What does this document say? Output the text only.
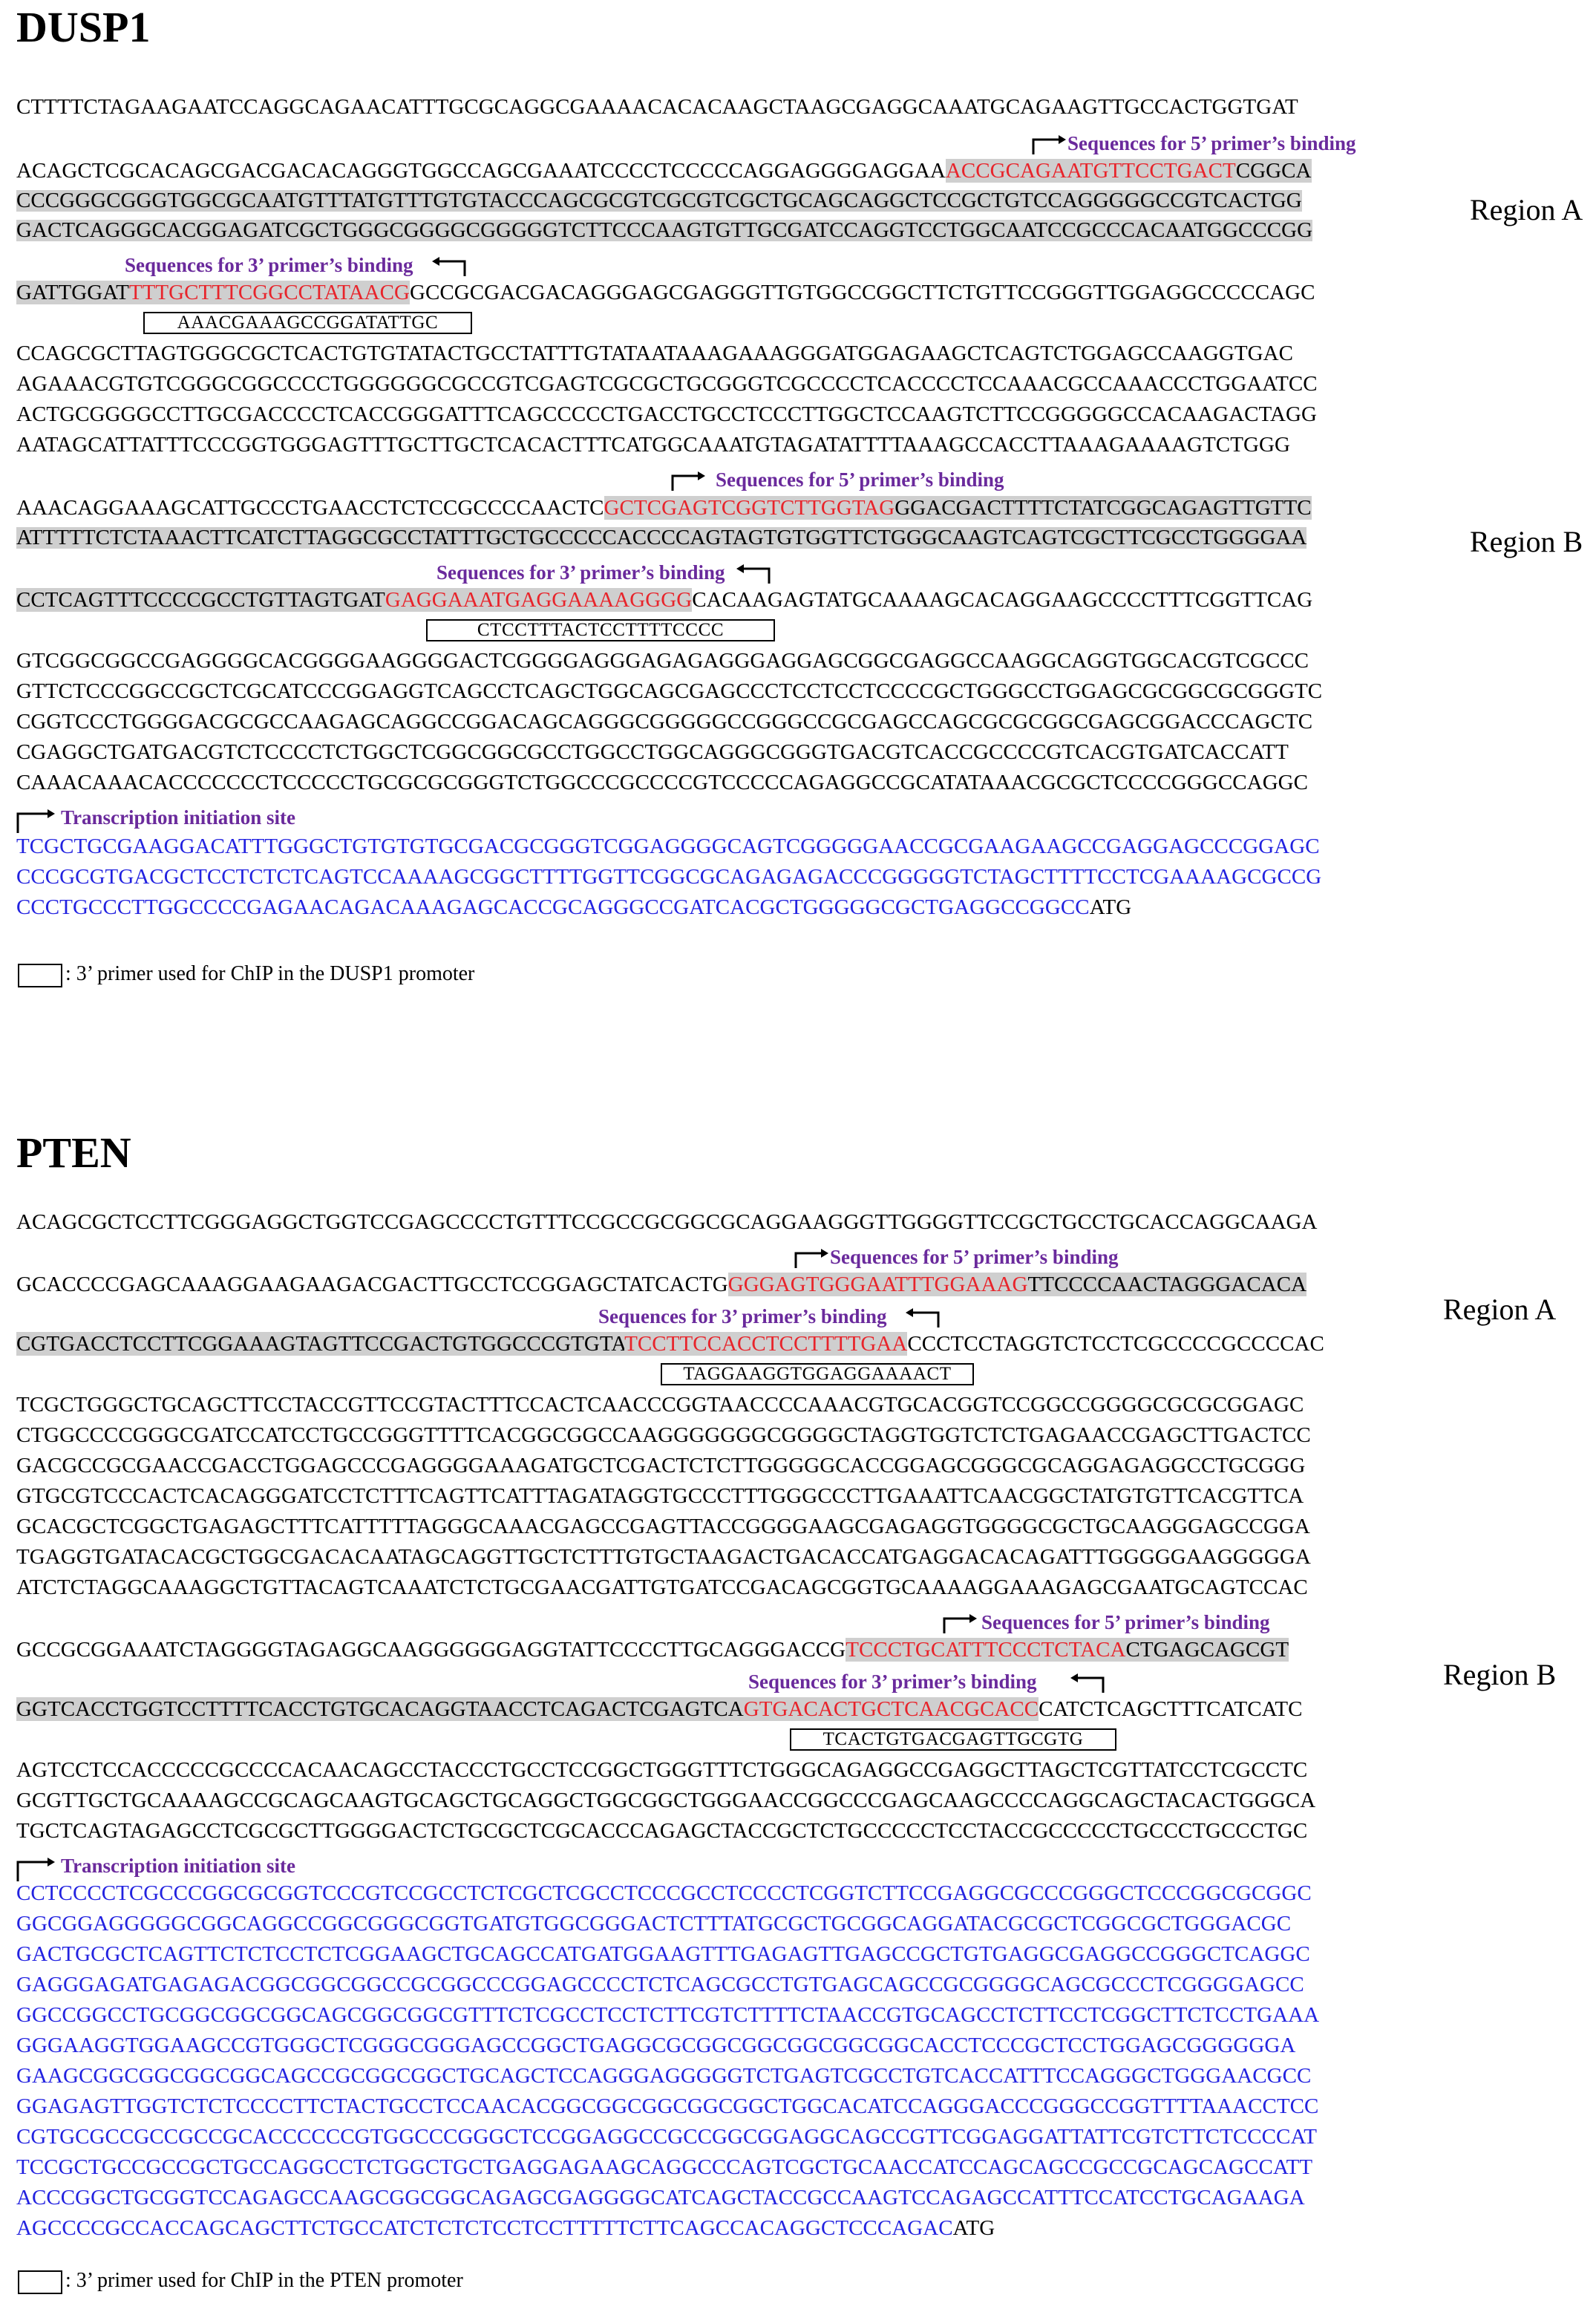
DUSP1
CTTTTCTAGAAGAATCCAGGCAGAACATTTGCGCAGGCGAAAACACACAAGCTAAGCGAGGCAAATGCAGAAGTTGCCACTGGTGAT
Sequences for 5’ primer’s binding
ACAGCTCGCACAGCGACGACACAGGGTGGCCAGCGAAATCCCCTCCCCCAGGAGGGGAGGAAACCGCAGAATGTTCCTGACTCGGCA
CCCGGGCGGGTGGCGCAATGTTTATGTTTGTGTACCCAGCGCGTCGCGTCGCTGCAGCAGGCTCCGCTGTCCAGGGGGCCGTCACTGG
GACTCAGGGCACGGAGATCGCTGGGCGGGGCGGGGGTCTTCCCAAGTGTTGCGATCCAGGTCCTGGCAATCCGCCCACAATGGCCCGG
Region A
Sequences for 3’ primer’s binding
GATTGGATTTTGCTTTCGGCCTATAACGGCCGCGACGACAGGGAGCGAGGGTTGTGGCCGGCTTCTGTTCCGGGTTGGAGGCCCCCAGC
AAACGAAAGCCGGATATTGC
CCAGCGCTTAGTGGGCGCTCACTGTGTATACTGCCTATTTGTATAATAAAGAAAGGGATGGAGAAGCTCAGTCTGGAGCCAAGGTGAC
AGAAACGTGTCGGGCGGCCCCTGGGGGGCGCCGTCGAGTCGCGCTGCGGGTCGCCCCTCACCCCTCCAAACGCCAAACCCTGGAATCC
ACTGCGGGGCCTTGCGACCCCTCACCGGGATTTCAGCCCCCTGACCTGCCTCCCTTGGCTCCAAGTCTTCCGGGGGCCACAAGACTAGG
AATAGCATTATTTCCCGGTGGGAGTTTGCTTGCTCACACTTTCATGGCAAATGTAGATATTTTAAAGCCACCTTAAAGAAAAGTCTGGG
Sequences for 5’ primer’s binding
AAACAGGAAAGCATTGCCCTGAACCTCTCCGCCCCAACTCGCTCGAGTCGGTCTTGGTAGGGACGACTTTTCTATCGGCAGAGTTGTTC
ATTTTTCTCTAAACTTCATCTTAGGCGCCTATTTGCTGCCCCCACCCCAGTAGTGTGGTTCTGGGCAAGTCAGTCGCTTCGCCTGGGGAA	Region B
Sequences for 3’ primer’s binding
CCTCAGTTTCCCCGCCTGTTAGTGATGAGGAAATGAGGAAAAGGGGCACAAGAGTATGCAAAAGCACAGGAAGCCCCTTTCGGTTCAG
CTCCTTTACTCCTTTTCCCC
GTCGGCGGCCGAGGGGCACGGGGAAGGGGACTCGGGGAGGGAGAGAGGGAGGAGCGGCGAGGCCAAGGCAGGTGGCACGTCGCCC
GTTCTCCCGGCCGCTCGCATCCCGGAGGTCAGCCTCAGCTGGCAGCGAGCCCTCCTCCTCCCCGCTGGGCCTGGAGCGCGGCGCGGGTC
CGGTCCCTGGGGACGCGCCAAGAGCAGGCCGGACAGCAGGGCGGGGGCCGGGCCGCGAGCCAGCGCGCGGCGAGCGGACCCAGCTC
CGAGGCTGATGACGTCTCCCCTCTGGCTCGGCGGCGCCTGGCCTGGCAGGGCGGGTGACGTCACCGCCCCGTCACGTGATCACCATT
CAAACAAACACCCCCCCTCCCCCTGCGCGCGGGTCTGGCCCGCCCCGTCCCCCAGAGGCCGCATATAAACGCGCTCCCCGGGCCAGGC
Transcription initiation site
TCGCTGCGAAGGACATTTGGGCTGTGTGTGCGACGCGGGTCGGAGGGGCAGTCGGGGGAACCGCGAAGAAGCCGAGGAGCCCGGAGC
CCCGCGTGACGCTCCTCTCTCAGTCCAAAAGCGGCTTTTGGTTCGGCGCAGAGAGACCCGGGGGTCTAGCTTTTCCTCGAAAAGCGCCG
CCCTGCCCTTGGCCCCGAGAACAGACAAAGAGCACCGCAGGGCCGATCACGCTGGGGGCGCTGAGGCCGGCCATG
: 3’ primer used for ChIP in the DUSP1 promoter
PTEN
ACAGCGCTCCTTCGGGAGGCTGGTCCGAGCCCCTGTTTCCGCCGCGGCGCAGGAAGGGTTGGGGTTCCGCTGCCTGCACCAGGCAAGA
Sequences for 5’ primer’s binding
GCACCCCGAGCAAAGGAAGAAGACGACTTGCCTCCGGAGCTATCACTGGGGAGTGGGAATTTGGAAAGTTCCCCAACTAGGGACACA
Region A
Sequences for 3’ primer’s binding
CGTGACCTCCTTCGGAAAGTAGTTCCGACTGTGGCCCGTGTATCCTTCCACCTCCTTTTGAACCCTCCTAGGTCTCCTCGCCCCGCCCCAC
TAGGAAGGTGGAGGAAAACT
TCGCTGGGCTGCAGCTTCCTACCGTTCCGTACTTTCCACTCAACCCGGTAACCCCAAACGTGCACGGTCCGGCCGGGGCGCGCGGAGC
CTGGCCCCGGGCGATCCATCCTGCCGGGTTTTCACGGCGGCCAAGGGGGGGCGGGGCTAGGTGGTCTCTGAGAACCGAGCTTGACTCC
GACGCCGCGAACCGACCTGGAGCCCGAGGGGAAAGATGCTCGACTCTCTTGGGGGCACCGGAGCGGGCGCAGGAGAGGCCTGCGGG
GTGCGTCCCACTCACAGGGATCCTCTTTCAGTTCATTTAGATAGGTGCCCTTTGGGCCCTTGAAATTCAACGGCTATGTGTTCACGTTCA
GCACGCTCGGCTGAGAGCTTTCATTTTTAGGGCAAACGAGCCGAGTTACCGGGGAAGCGAGAGGTGGGGCGCTGCAAGGGAGCCGGA
TGAGGTGATACACGCTGGCGACACAATAGCAGGTTGCTCTTTGTGCTAAGACTGACACCATGAGGACACAGATTTGGGGGAAGGGGGA
ATCTCTAGGCAAAGGCTGTTACAGTCAAATCTCTGCGAACGATTGTGATCCGACAGCGGTGCAAAAGGAAAGAGCGAATGCAGTCCAC
Sequences for 5’ primer’s binding
GCCGCGGAAATCTAGGGGTAGAGGCAAGGGGGGAGGTATTCCCCTTGCAGGGACCGTCCCTGCATTTCCCTCTACACTGAGCAGCGT
Region B
Sequences for 3’ primer’s binding
GGTCACCTGGTCCTTTTCACCTGTGCACAGGTAACCTCAGACTCGAGTCAGTGACACTGCTCAACGCACCCATCTCAGCTTTCATCATC
TCACTGTGACGAGTTGCGTG
AGTCCTCCACCCCCGCCCCACAACAGCCTACCCTGCCTCCGGCTGGGTTTCTGGGCAGAGGCCGAGGCTTAGCTCGTTATCCTCGCCTC
GCGTTGCTGCAAAAGCCGCAGCAAGTGCAGCTGCAGGCTGGCGGCTGGGAACCGGCCCGAGCAAGCCCCAGGCAGCTACACTGGGCA
TGCTCAGTAGAGCCTCGCGCTTGGGGACTCTGCGCTCGCACCCAGAGCTACCGCTCTGCCCCCTCCTACCGCCCCCTGCCCTGCCCTGC
Transcription initiation site
CCTCCCCTCGCCCGGCGCGGTCCCGTCCGCCTCTCGCTCGCCTCCCGCCTCCCCTCGGTCTTCCGAGGCGCCCGGGCTCCCGGCGCGGC
GGCGGAGGGGGCGGCAGGCCGGCGGGCGGTGATGTGGCGGGACTCTTTATGCGCTGCGGCAGGATACGCGCTCGGCGCTGGGACGC
GACTGCGCTCAGTTCTCTCCTCTCGGAAGCTGCAGCCATGATGGAAGTTTGAGAGTTGAGCCGCTGTGAGGCGAGGCCGGGCTCAGGC
GAGGGAGATGAGAGACGGCGGCGGCCGCGGCCCGGAGCCCCTCTCAGCGCCTGTGAGCAGCCGCGGGGCAGCGCCCTCGGGGAGCC
GGCCGGCCTGCGGCGGCGGCAGCGGCGGCGTTTCTCGCCTCCTCTTCGTCTTTTCTAACCGTGCAGCCTCTTCCTCGGCTTCTCCTGAAA
GGGAAGGTGGAAGCCGTGGGCTCGGGCGGGAGCCGGCTGAGGCGCGGCGGCGGCGGCGGCACCTCCCGCTCCTGGAGCGGGGGGA
GAAGCGGCGGCGGCGGCAGCCGCGGCGGCTGCAGCTCCAGGGAGGGGGTCTGAGTCGCCTGTCACCATTTCCAGGGCTGGGAACGCC
GGAGAGTTGGTCTCTCCCCTTCTACTGCCTCCAACACGGCGGCGGCGGCGGCTGGCACATCCAGGGACCCGGGCCGGTTTTAAACCTCC
CGTGCGCCGCCGCCGCACCCCCCGTGGCCCGGGCTCCGGAGGCCGCCGGCGGAGGCAGCCGTTCGGAGGATTATTCGTCTTCTCCCCAT
TCCGCTGCCGCCGCTGCCAGGCCTCTGGCTGCTGAGGAGAAGCAGGCCCAGTCGCTGCAACCATCCAGCAGCCGCCGCAGCAGCCATT
ACCCGGCTGCGGTCCAGAGCCAAGCGGCGGCAGAGCGAGGGGCATCAGCTACCGCCAAGTCCAGAGCCATTTCCATCCTGCAGAAGA
AGCCCCGCCACCAGCAGCTTCTGCCATCTCTCTCCTCCTTTTTCTTCAGCCACAGGCTCCCAGACATG
: 3’ primer used for ChIP in the PTEN promoter
